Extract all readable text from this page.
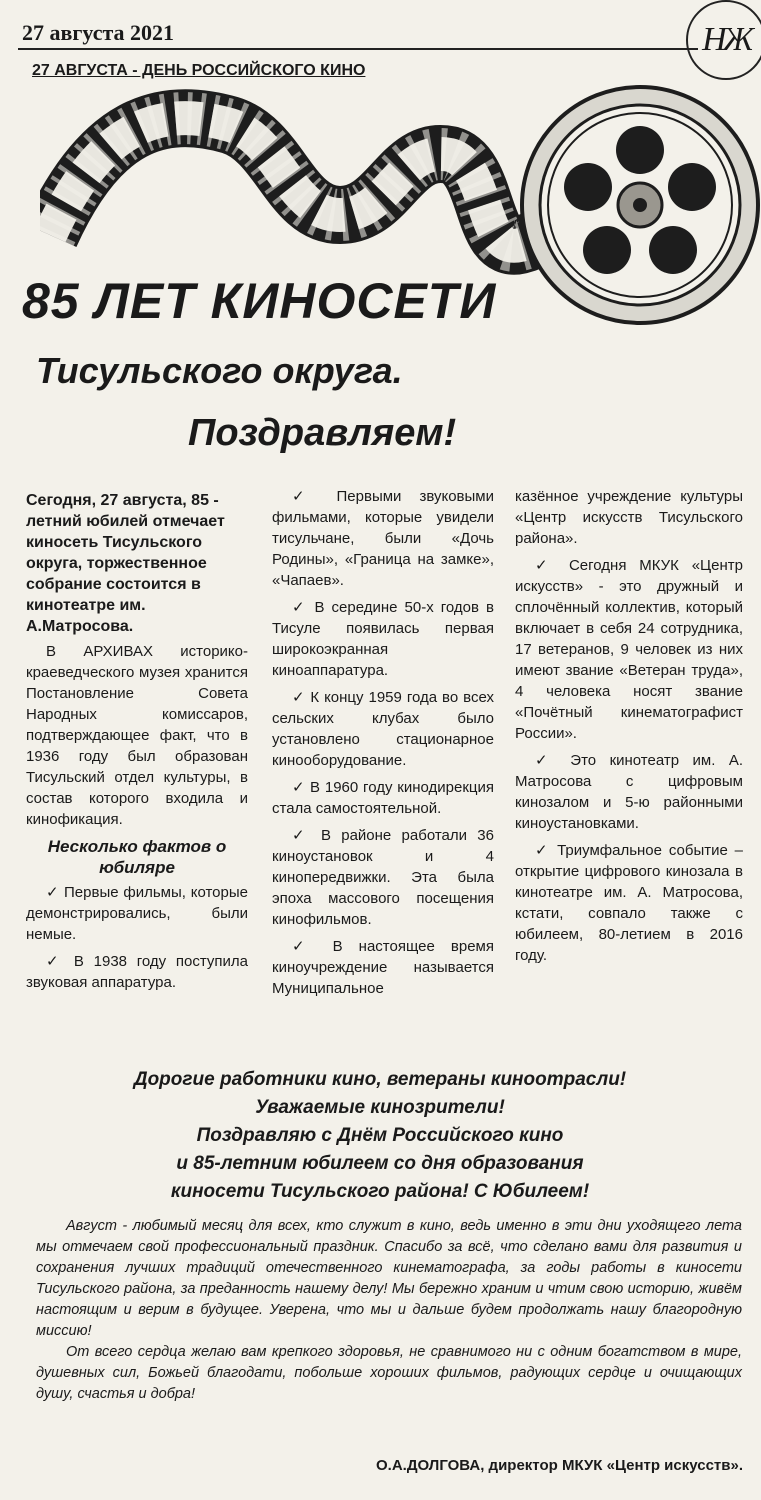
27 августа 2021	НЖ
27 АВГУСТА - ДЕНЬ РОССИЙСКОГО КИНО
85 ЛЕТ КИНОСЕТИ
Тисульского округа.
Поздравляем!

Сегодня, 27 августа, 85 - летний юбилей отмечает киносеть Тисульского округа, торжественное собрание состоится в кинотеатре им. А.Матросова.

В АРХИВАХ историко-краеведческого музея хранится Постановление Совета Народных комиссаров, подтверждающее факт, что в 1936 году был образован Тисульский отдел культуры, в состав которого входила и кинофикация.

Несколько фактов о юбиляре

✓ Первые фильмы, которые демонстрировались, были немые.

✓ В 1938 году поступила звуковая аппаратура.

✓ Первыми звуковыми фильмами, которые увидели тисульчане, были «Дочь Родины», «Граница на замке», «Чапаев».

✓ В середине 50-х годов в Тисуле появилась первая широкоэкранная киноаппаратура.

✓ К концу 1959 года во всех сельских клубах было установлено стационарное кинооборудование.

✓ В 1960 году кинодирекция стала самостоятельной.

✓ В районе работали 36 киноустановок и 4 кинопередвижки. Эта была эпоха массового посещения кинофильмов.

✓ В настоящее время киноучреждение называется Муниципальное

казённое учреждение культуры «Центр искусств Тисульского района».

✓ Сегодня МКУК «Центр искусств» - это дружный и сплочённый коллектив, который включает в себя 24 сотрудника, 17 ветеранов, 9 человек из них имеют звание «Ветеран труда», 4 человека носят звание «Почётный кинематографист России».

✓ Это кинотеатр им. А. Матросова с цифровым кинозалом и 5-ю районными киноустановками.

✓ Триумфальное событие – открытие цифрового кинозала в кинотеатре им. А. Матросова, кстати, совпало также с юбилеем, 80-летием в 2016 году.

Дорогие работники кино, ветераны кинoотрасли!
Уважаемые кинозрители!
Поздравляю с Днём Российского кино
и 85-летним юбилеем со дня образования
киносети Тисульского района! С Юбилеем!

Август - любимый месяц для всех, кто служит в кино, ведь именно в эти дни уходящего лета мы отмечаем свой профессиональный праздник. Спасибо за всё, что сделано вами для развития и сохранения лучших традиций отечественного кинематографа, за годы работы в киносети Тисульского района, за преданность нашему делу! Мы бережно храним и чтим свою историю, живём настоящим и верим в будущее. Уверена, что мы и дальше будем продолжать нашу благородную миссию!

От всего сердца желаю вам крепкого здоровья, не сравнимого ни с одним богатством в мире, душевных сил, Божьей благодати, побольше хороших фильмов, радующих сердце и очищающих душу, счастья и добра!

О.А.ДОЛГОВА, директор МКУК «Центр искусств».
